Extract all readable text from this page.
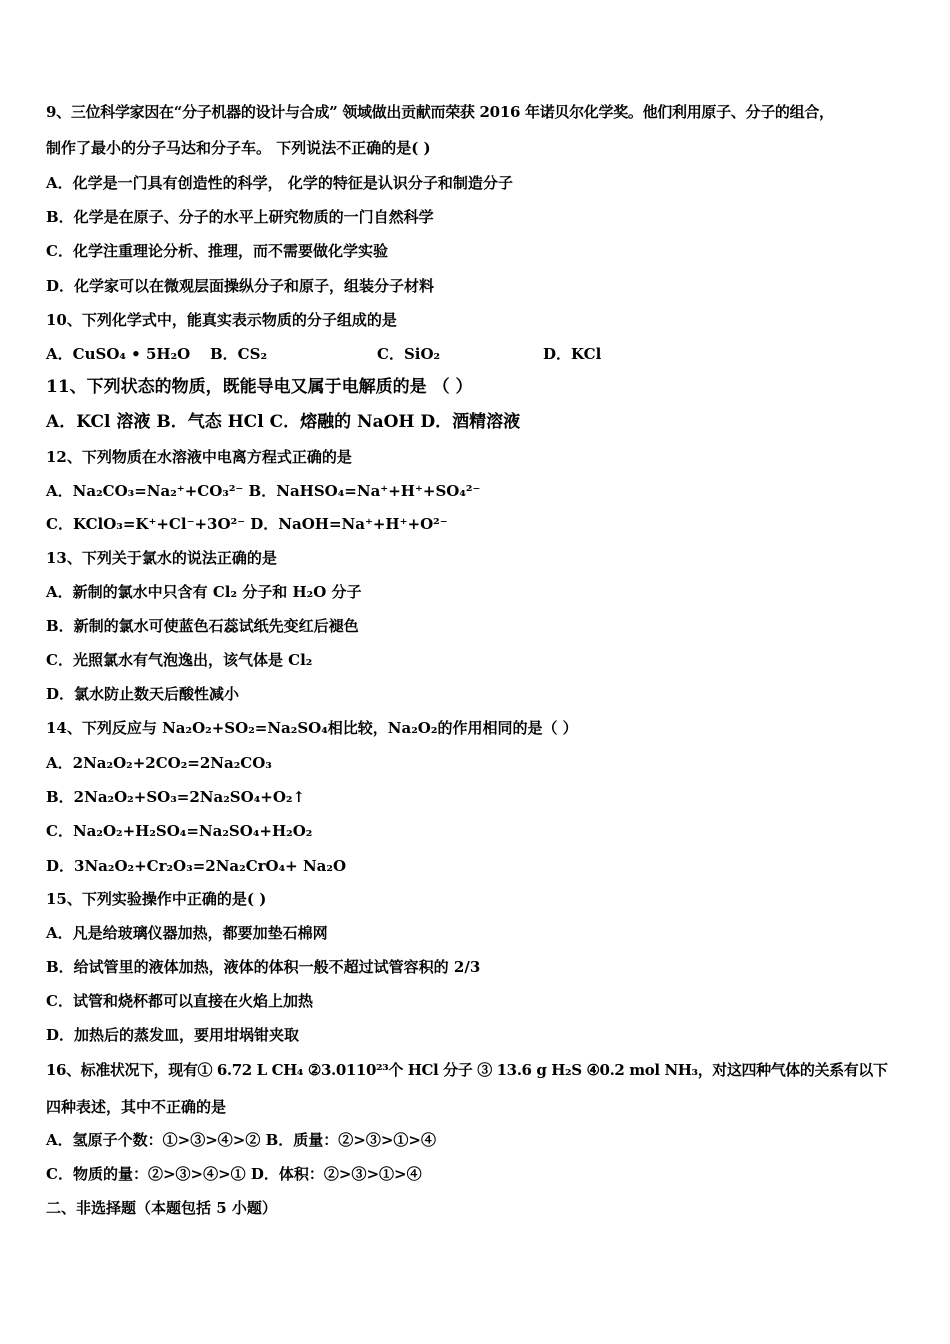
9、三位科学家因在“分子机器的设计与合成” 领域做出贡献而荣获 2016 年诺贝尔化学奖。他们利用原子、分子的组合，
制作了最小的分子马达和分子车。 下列说法不正确的是( )
A．化学是一门具有创造性的科学， 化学的特征是认识分子和制造分子
B．化学是在原子、分子的水平上研究物质的一门自然科学
C．化学注重理论分析、推理，而不需要做化学实验
D．化学家可以在微观层面操纵分子和原子，组装分子材料
10、下列化学式中，能真实表示物质的分子组成的是
A．CuSO₄ • 5H₂O B．CS₂	C．SiO₂	D．KCl
11、下列状态的物质，既能导电又属于电解质的是 （ ）
A．KCl 溶液 B．气态 HCl C．熔融的 NaOH D．酒精溶液
12、下列物质在水溶液中电离方程式正确的是
A．Na₂CO₃=Na₂⁺+CO₃²⁻ B．NaHSO₄=Na⁺+H⁺+SO₄²⁻
C．KClO₃=K⁺+Cl⁻+3O²⁻ D．NaOH=Na⁺+H⁺+O²⁻
13、下列关于氯水的说法正确的是
A．新制的氯水中只含有 Cl₂ 分子和 H₂O 分子
B．新制的氯水可使蓝色石蕊试纸先变红后褪色
C．光照氯水有气泡逸出，该气体是 Cl₂
D．氯水防止数天后酸性减小
14、下列反应与 Na₂O₂+SO₂=Na₂SO₄相比较，Na₂O₂的作用相同的是（ ）
A．2Na₂O₂+2CO₂=2Na₂CO₃
B．2Na₂O₂+SO₃=2Na₂SO₄+O₂↑
C．Na₂O₂+H₂SO₄=Na₂SO₄+H₂O₂
D．3Na₂O₂+Cr₂O₃=2Na₂CrO₄+ Na₂O
15、下列实验操作中正确的是( )
A．凡是给玻璃仪器加热，都要加垫石棉网
B．给试管里的液体加热，液体的体积一般不超过试管容积的 2/3
C．试管和烧杯都可以直接在火焰上加热
D．加热后的蒸发皿，要用坩埚钳夹取
16、标准状况下，现有① 6.72 L CH₄ ②3.0110²³个 HCl 分子 ③ 13.6 g H₂S ④0.2 mol NH₃，对这四种气体的关系有以下
四种表述，其中不正确的是
A．氢原子个数：①>③>④>② B．质量：②>③>①>④
C．物质的量：②>③>④>① D．体积：②>③>①>④
二、非选择题（本题包括 5 小题）
